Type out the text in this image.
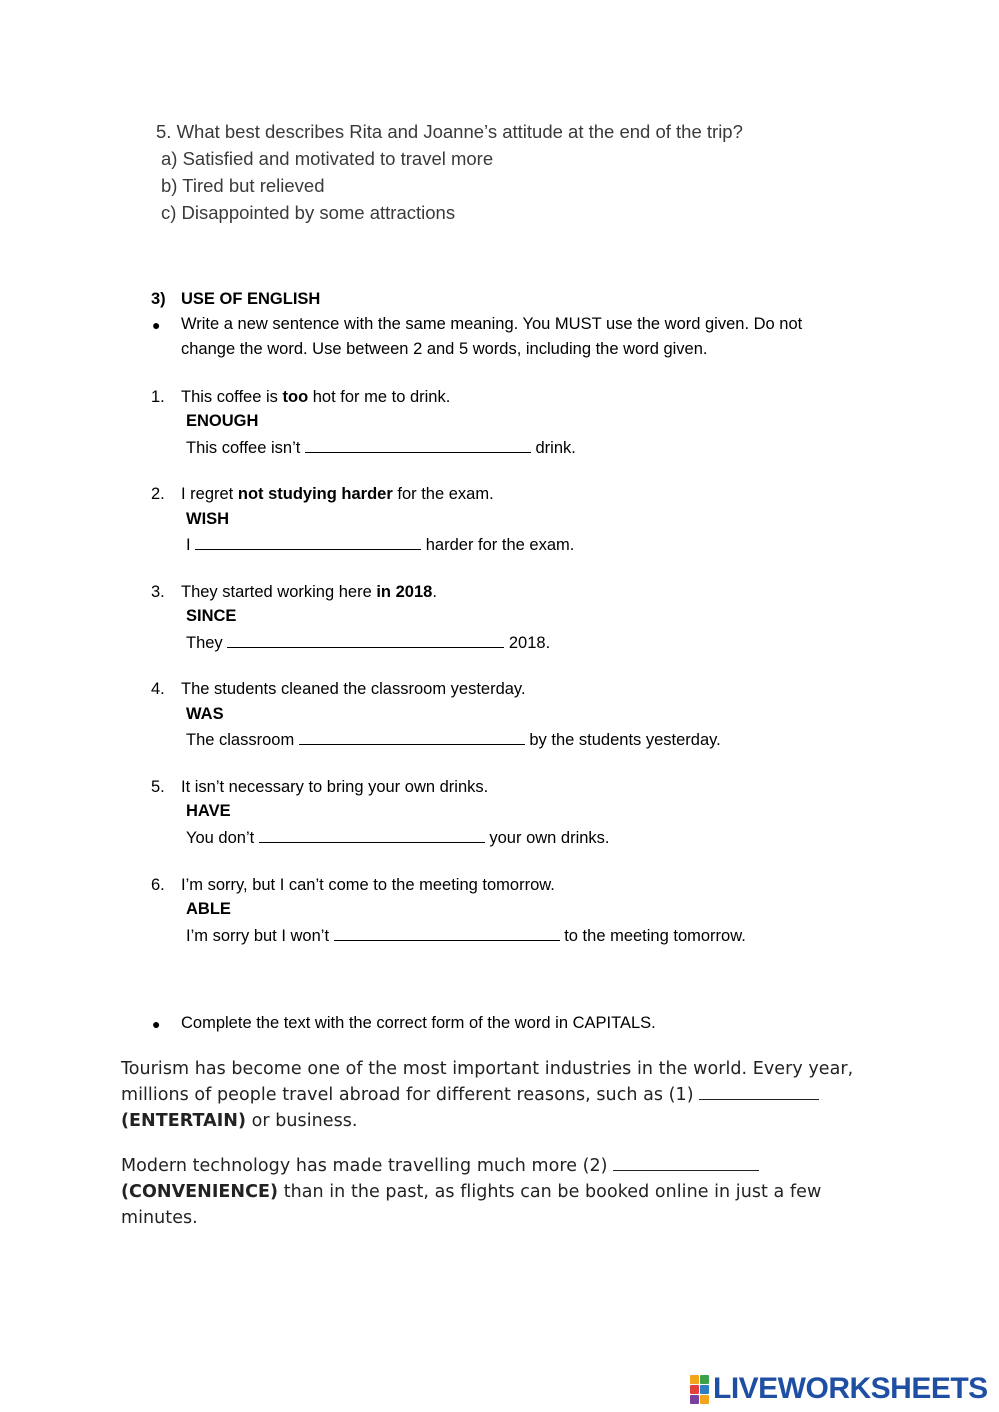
5. What best describes Rita and Joanne’s attitude at the end of the trip?
a) Satisfied and motivated to travel more
b) Tired but relieved
c) Disappointed by some attractions
3) USE OF ENGLISH
● Write a new sentence with the same meaning. You MUST use the word given. Do not
change the word. Use between 2 and 5 words, including the word given.
1. This coffee is too hot for me to drink.
ENOUGH
This coffee isn’t	drink.
2. I regret not studying harder for the exam.
WISH
I	harder for the exam.
3. They started working here in 2018.
SINCE
They	2018.
4. The students cleaned the classroom yesterday.
WAS
The classroom	by the students yesterday.
5. It isn’t necessary to bring your own drinks.
HAVE
You don’t	your own drinks.
6. I’m sorry, but I can’t come to the meeting tomorrow.
ABLE
I’m sorry but I won’t	to the meeting tomorrow.
● Complete the text with the correct form of the word in CAPITALS.
Tourism has become one of the most important industries in the world. Every year, millions of people travel abroad for different reasons, such as (1)
(ENTERTAIN) or business.
Modern technology has made travelling much more (2)
(CONVENIENCE) than in the past, as flights can be booked online in just a few minutes.
LIVEWORKSHEETS
